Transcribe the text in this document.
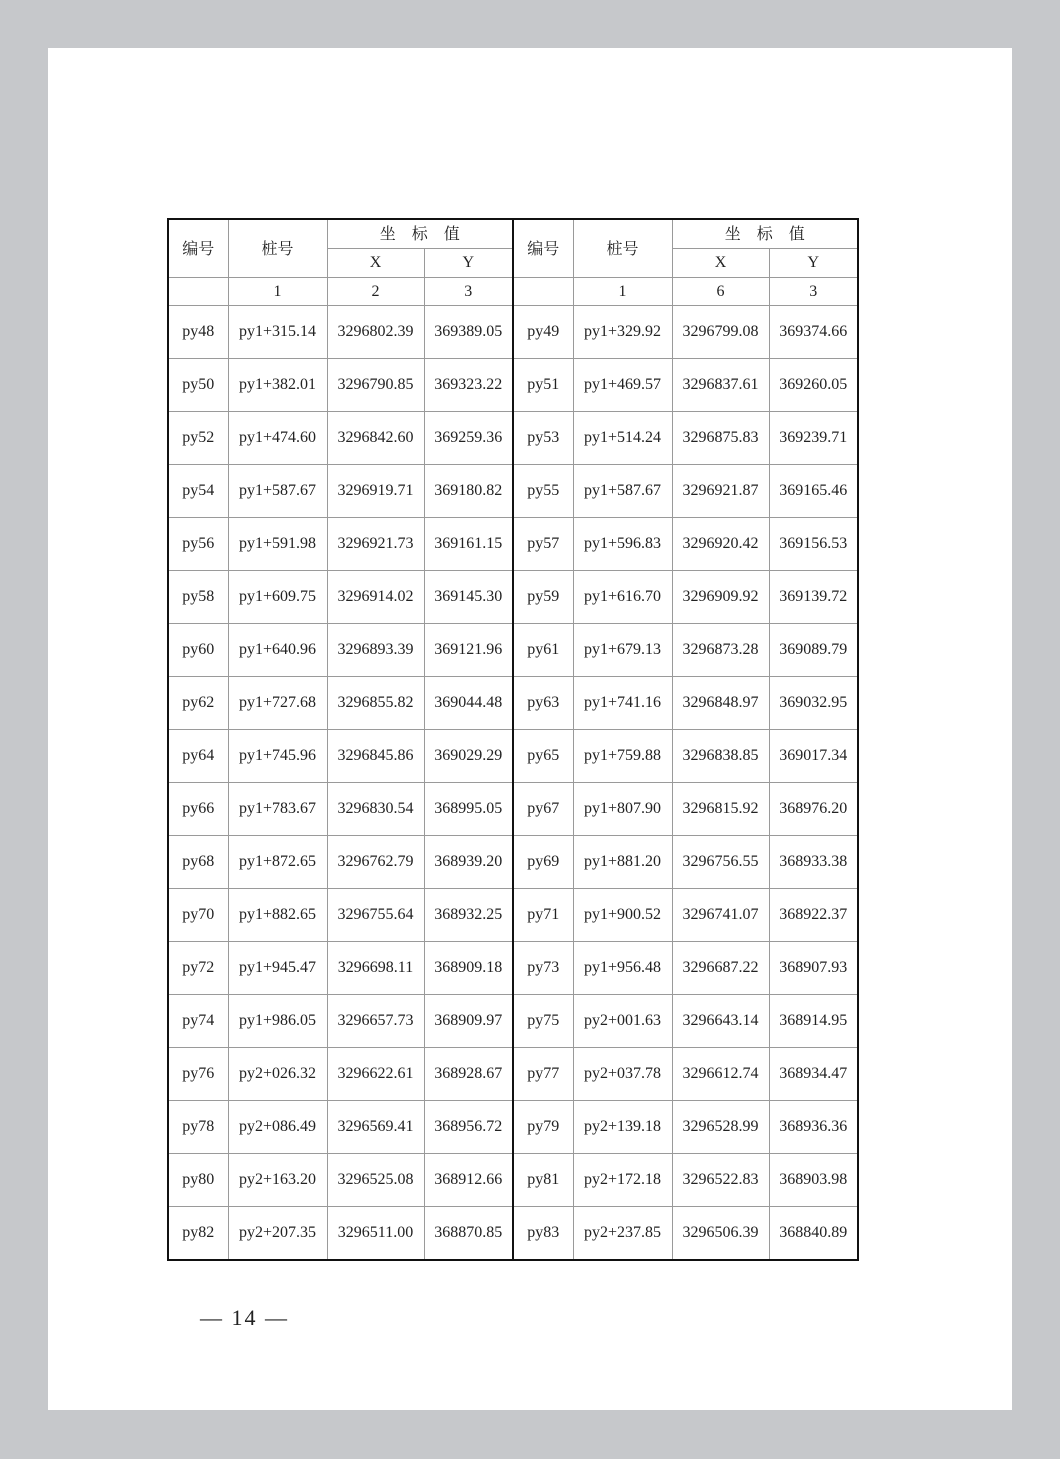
编号	桩号	坐　标　值		编号	桩号	坐　标　值	
		X	Y			X	Y
	1	2	3		1	6	3
py48	py1+315.14	3296802.39	369389.05	py49	py1+329.92	3296799.08	369374.66
py50	py1+382.01	3296790.85	369323.22	py51	py1+469.57	3296837.61	369260.05
py52	py1+474.60	3296842.60	369259.36	py53	py1+514.24	3296875.83	369239.71
py54	py1+587.67	3296919.71	369180.82	py55	py1+587.67	3296921.87	369165.46
py56	py1+591.98	3296921.73	369161.15	py57	py1+596.83	3296920.42	369156.53
py58	py1+609.75	3296914.02	369145.30	py59	py1+616.70	3296909.92	369139.72
py60	py1+640.96	3296893.39	369121.96	py61	py1+679.13	3296873.28	369089.79
py62	py1+727.68	3296855.82	369044.48	py63	py1+741.16	3296848.97	369032.95
py64	py1+745.96	3296845.86	369029.29	py65	py1+759.88	3296838.85	369017.34
py66	py1+783.67	3296830.54	368995.05	py67	py1+807.90	3296815.92	368976.20
py68	py1+872.65	3296762.79	368939.20	py69	py1+881.20	3296756.55	368933.38
py70	py1+882.65	3296755.64	368932.25	py71	py1+900.52	3296741.07	368922.37
py72	py1+945.47	3296698.11	368909.18	py73	py1+956.48	3296687.22	368907.93
py74	py1+986.05	3296657.73	368909.97	py75	py2+001.63	3296643.14	368914.95
py76	py2+026.32	3296622.61	368928.67	py77	py2+037.78	3296612.74	368934.47
py78	py2+086.49	3296569.41	368956.72	py79	py2+139.18	3296528.99	368936.36
py80	py2+163.20	3296525.08	368912.66	py81	py2+172.18	3296522.83	368903.98
py82	py2+207.35	3296511.00	368870.85	py83	py2+237.85	3296506.39	368840.89
— 14 —
